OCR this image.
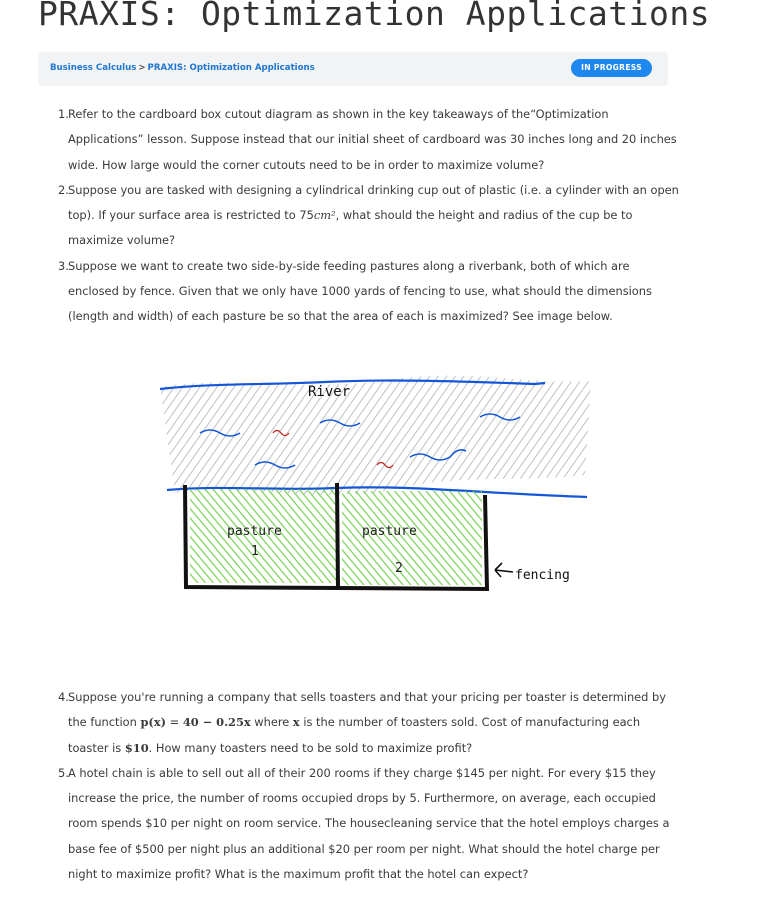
PRAXIS: Optimization Applications
Business Calculus > PRAXIS: Optimization Applications	IN PROGRESS
1 . Refer to the cardboard box cutout diagram as shown in the key takeaways of the“Optimization Applications” lesson. Suppose instead that our initial sheet of cardboard was 30 inches long and 20 inches wide. How large would the corner cutouts need to be in order to maximize volume?
2 . Suppose you are tasked with designing a cylindrical drinking cup out of plastic (i.e. a cylinder with an open top). If your surface area is restricted to 75cm², what should the height and radius of the cup be to maximize volume?
3 . Suppose we want to create two side-by-side feeding pastures along a riverbank, both of which are enclosed by fence. Given that we only have 1000 yards of fencing to use, what should the dimensions (length and width) of each pasture be so that the area of each is maximized? See image below.
River
pasture
1
pasture
2	fencing
4 . Suppose you're running a company that sells toasters and that your pricing per toaster is determined by the function p(x) = 40 − 0.25x where x is the number of toasters sold. Cost of manufacturing each toaster is $10. How many toasters need to be sold to maximize profit?
5 . A hotel chain is able to sell out all of their 200 rooms if they charge $145 per night. For every $15 they increase the price, the number of rooms occupied drops by 5. Furthermore, on average, each occupied room spends $10 per night on room service. The housecleaning service that the hotel employs charges a base fee of $500 per night plus an additional $20 per room per night. What should the hotel charge per night to maximize profit? What is the maximum profit that the hotel can expect?
